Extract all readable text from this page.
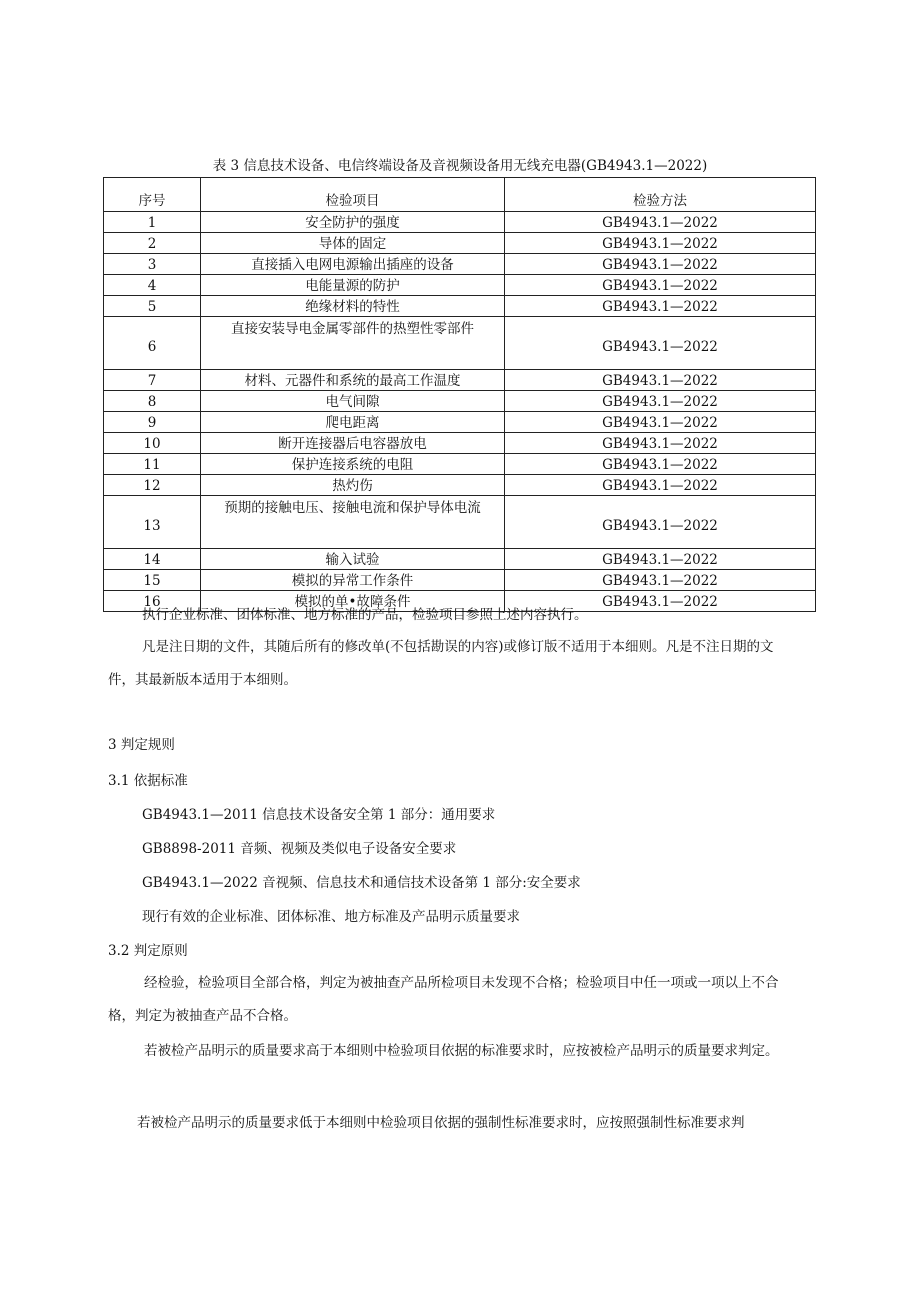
表 3 信息技术设备、电信终端设备及音视频设备用无线充电器(GB4943.1—2022)
序号	检验项目	检验方法
1	安全防护的强度	GB4943.1—2022
2	导体的固定	GB4943.1—2022
3	直接插入电网电源输出插座的设备	GB4943.1—2022
4	电能量源的防护	GB4943.1—2022
5	绝缘材料的特性	GB4943.1—2022
6	直接安装导电金属零部件的热塑性零部件	GB4943.1—2022
7	材料、元器件和系统的最高工作温度	GB4943.1—2022
8	电气间隙	GB4943.1—2022
9	爬电距离	GB4943.1—2022
10	断开连接器后电容器放电	GB4943.1—2022
11	保护连接系统的电阻	GB4943.1—2022
12	热灼伤	GB4943.1—2022
13	预期的接触电压、接触电流和保护导体电流	GB4943.1—2022
14	输入试验	GB4943.1—2022
15	模拟的异常工作条件	GB4943.1—2022
16	模拟的单•故障条件	GB4943.1—2022
执行企业标准、团体标准、地方标准的产品，检验项目参照上述内容执行。
凡是注日期的文件，其随后所有的修改单(不包括勘误的内容)或修订版不适用于本细则。凡是不注日期的文件，其最新版本适用于本细则。
3 判定规则
3.1 依据标准
GB4943.1—2011 信息技术设备安全第 1 部分：通用要求
GB8898-2011 音频、视频及类似电子设备安全要求
GB4943.1—2022 音视频、信息技术和通信技术设备第 1 部分:安全要求
现行有效的企业标准、团体标准、地方标准及产品明示质量要求
3.2 判定原则
经检验，检验项目全部合格，判定为被抽查产品所检项目未发现不合格；检验项目中任一项或一项以上不合格，判定为被抽查产品不合格。
若被检产品明示的质量要求高于本细则中检验项目依据的标准要求时，应按被检产品明示的质量要求判定。
若被检产品明示的质量要求低于本细则中检验项目依据的强制性标准要求时，应按照强制性标准要求判
